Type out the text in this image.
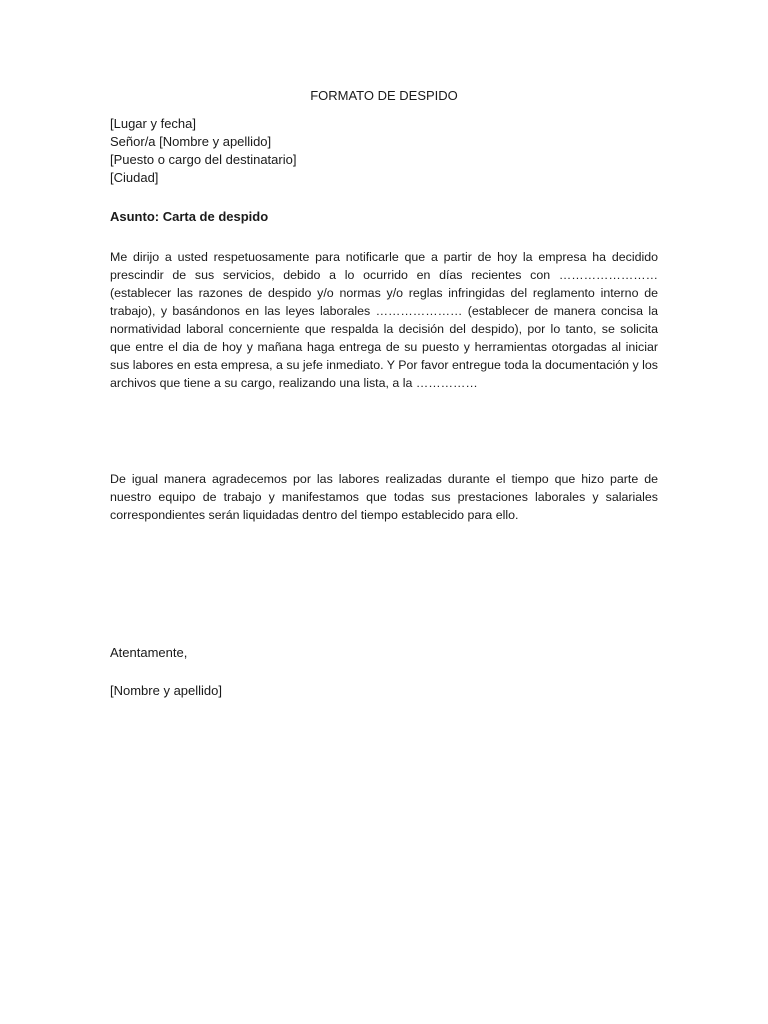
FORMATO DE DESPIDO
[Lugar y fecha]
Señor/a [Nombre y apellido]
[Puesto o cargo del destinatario]
[Ciudad]
Asunto: Carta de despido
Me dirijo a usted respetuosamente para notificarle que a partir de hoy la empresa ha decidido prescindir de sus servicios, debido a lo ocurrido en días recientes con …………………… (establecer las razones de despido y/o normas y/o reglas infringidas del reglamento interno de trabajo), y basándonos en las leyes laborales ………………… (establecer de manera concisa la normatividad laboral concerniente que respalda la decisión del despido), por lo tanto, se solicita que entre el dia de hoy y mañana haga entrega de su puesto y herramientas otorgadas al iniciar sus labores en esta empresa, a su jefe inmediato. Y Por favor entregue toda la documentación y los archivos que tiene a su cargo, realizando una lista, a la ……………
De igual manera agradecemos por las labores realizadas durante el tiempo que hizo parte de nuestro equipo de trabajo y manifestamos que todas sus prestaciones laborales y salariales correspondientes serán liquidadas dentro del tiempo establecido para ello.
Atentamente,
[Nombre y apellido]
